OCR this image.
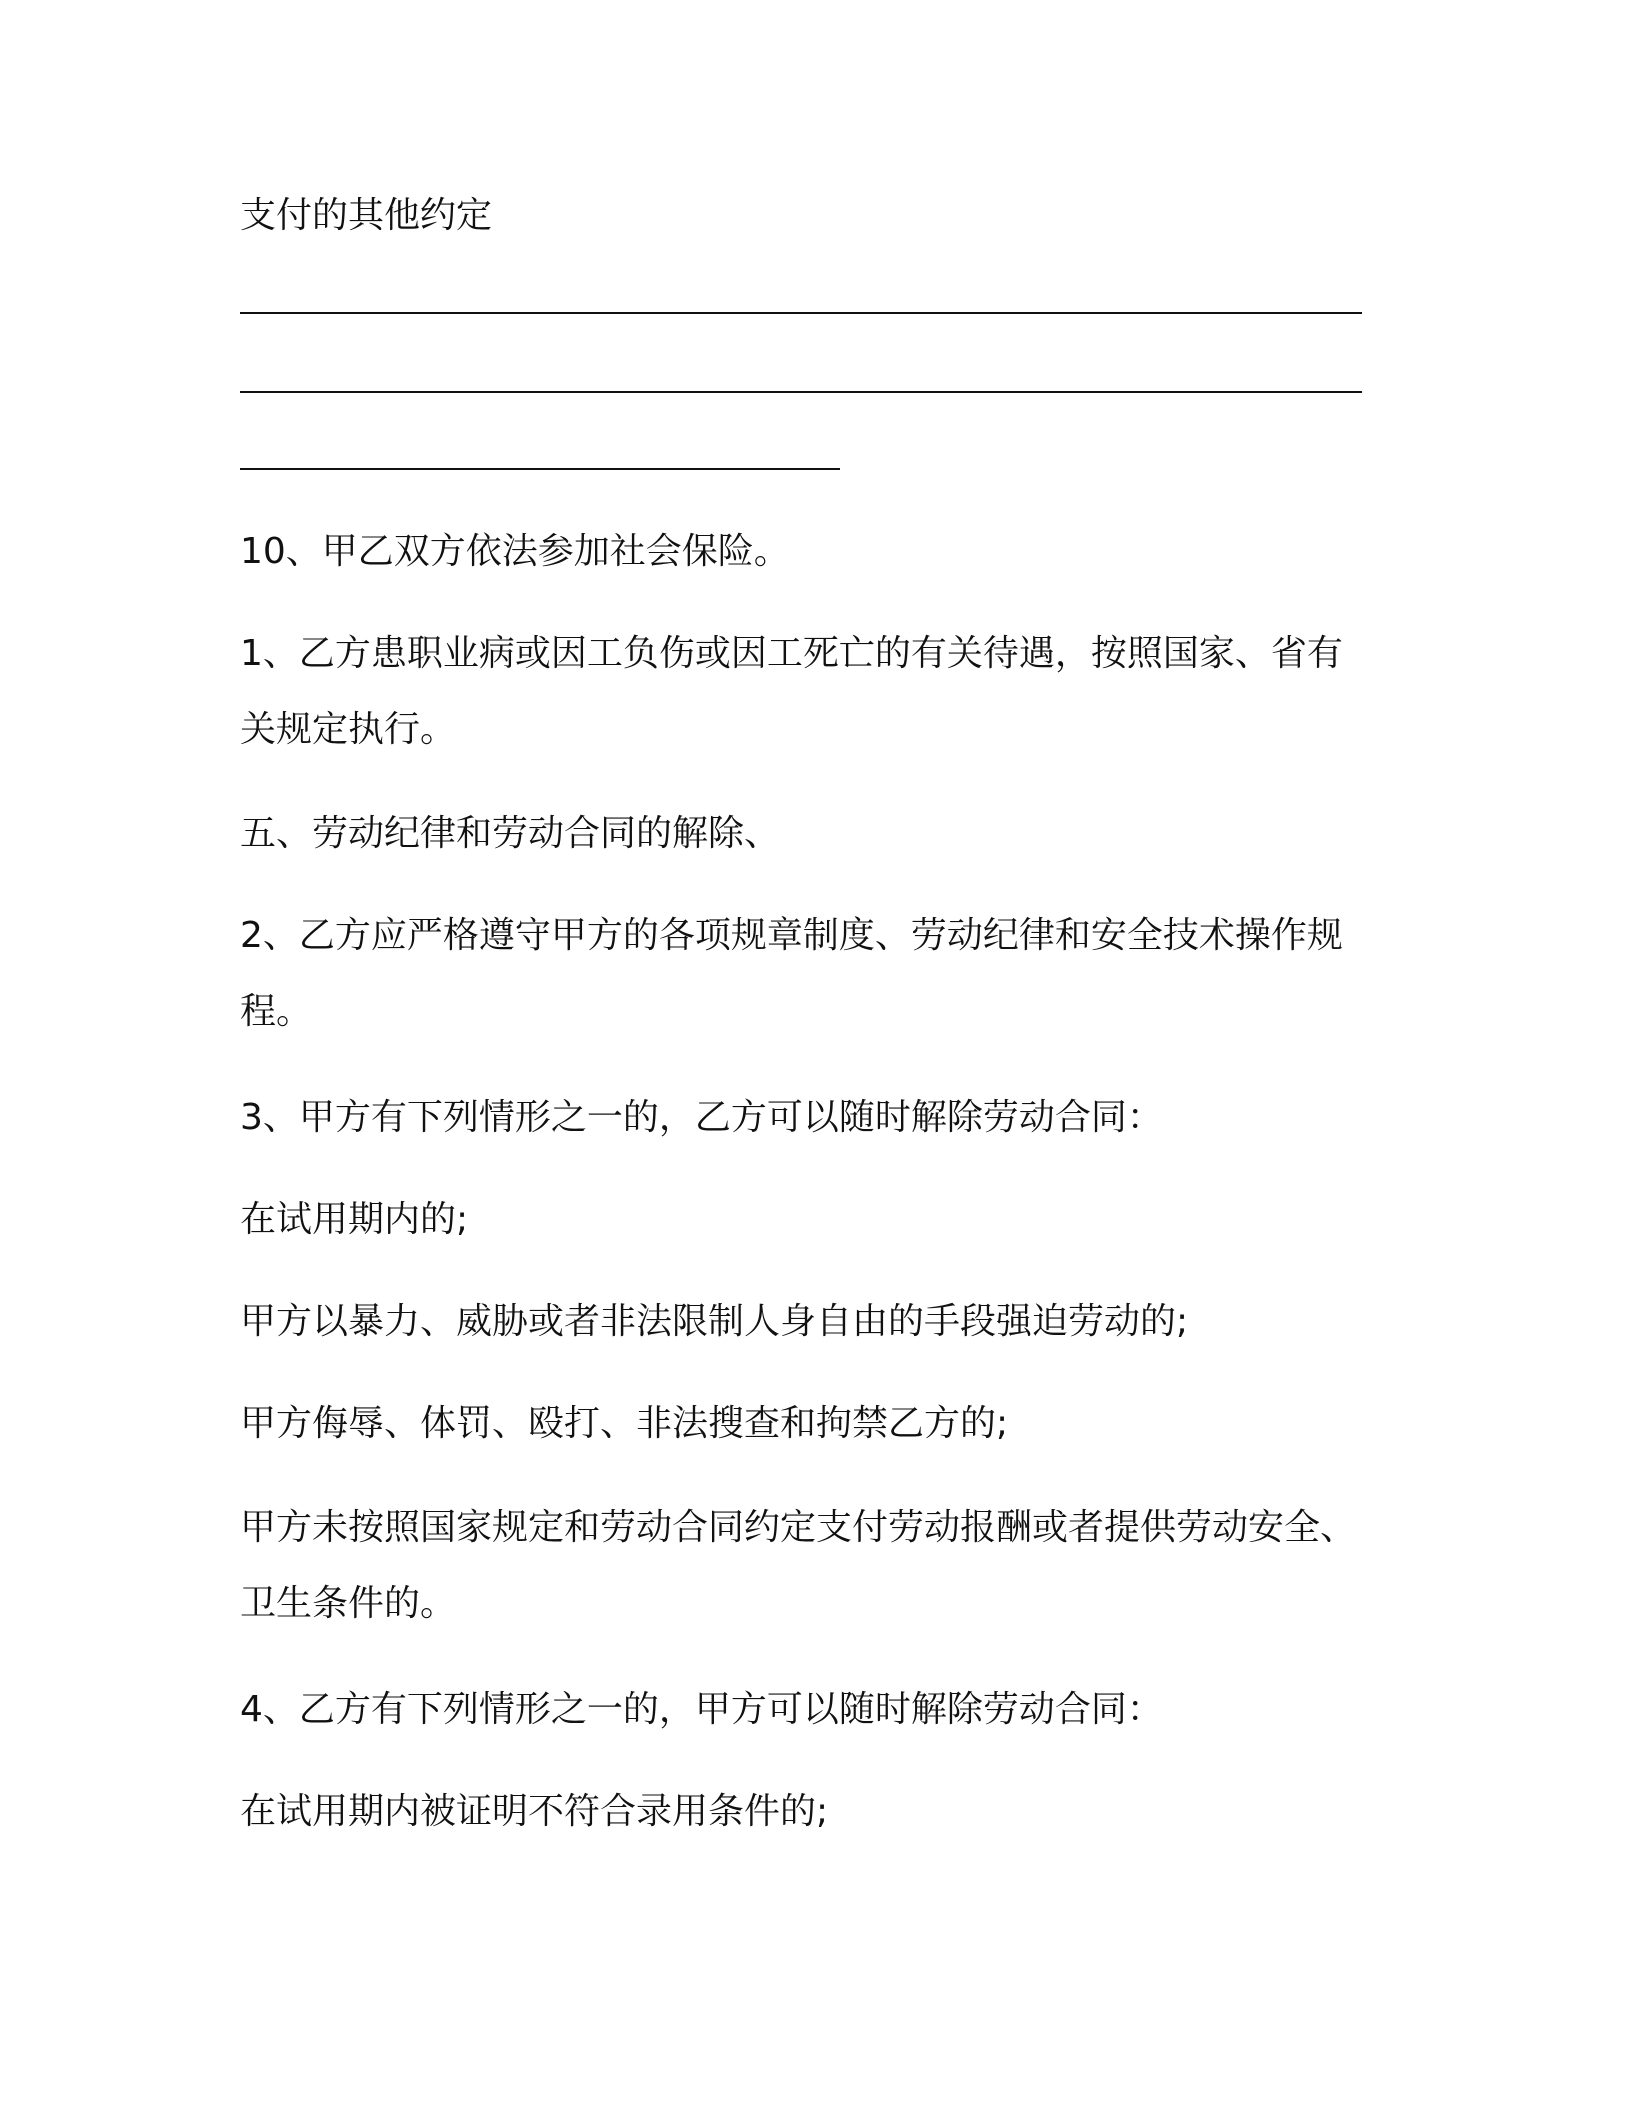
支付的其他约定
10、甲乙双方依法参加社会保险。
1、乙方患职业病或因工负伤或因工死亡的有关待遇，按照国家、省有
关规定执行。
五、劳动纪律和劳动合同的解除、
2、乙方应严格遵守甲方的各项规章制度、劳动纪律和安全技术操作规
程。
3、甲方有下列情形之一的，乙方可以随时解除劳动合同：
在试用期内的;
甲方以暴力、威胁或者非法限制人身自由的手段强迫劳动的;
甲方侮辱、体罚、殴打、非法搜查和拘禁乙方的;
甲方未按照国家规定和劳动合同约定支付劳动报酬或者提供劳动安全、
卫生条件的。
4、乙方有下列情形之一的，甲方可以随时解除劳动合同：
在试用期内被证明不符合录用条件的;
